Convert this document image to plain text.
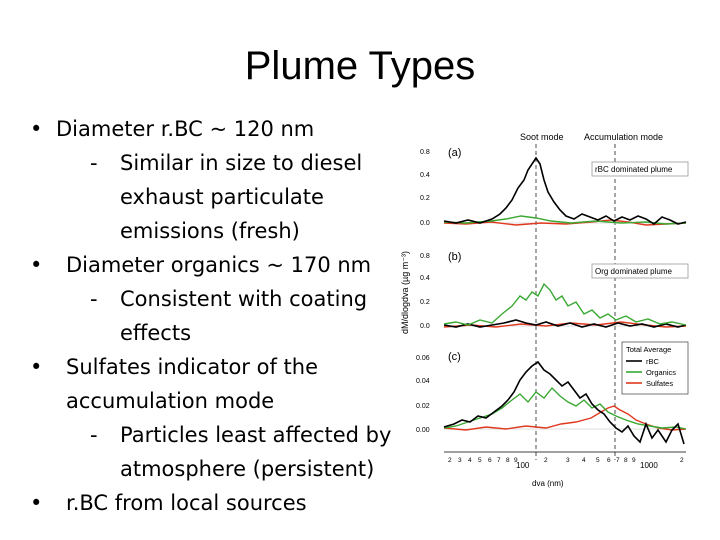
Plume Types
• Diameter r.BC ~ 120 nm
- Similar in size to diesel
exhaust particulate
emissions (fresh)
• Diameter organics ~ 170 nm
- Consistent with coating
effects
• Sulfates indicator of the
accumulation mode
- Particles least affected by
atmosphere (persistent)
• r.BC from local sources
Soot mode Accumulation mode
dM/dlogdva (µg m⁻³)
(a)
0.8
0.4
0.2
0.0
rBC dominated plume
(b)
0.8
0.4
0.2
0.0
Org dominated plume
(c)
0.06
0.04
0.02
0.00
Total Average
rBC
Organics
Sulfates
2 3 4 5 6 7 8 9	2	3 4 5 6 7 8 9	2
100	1000
dva (nm)
